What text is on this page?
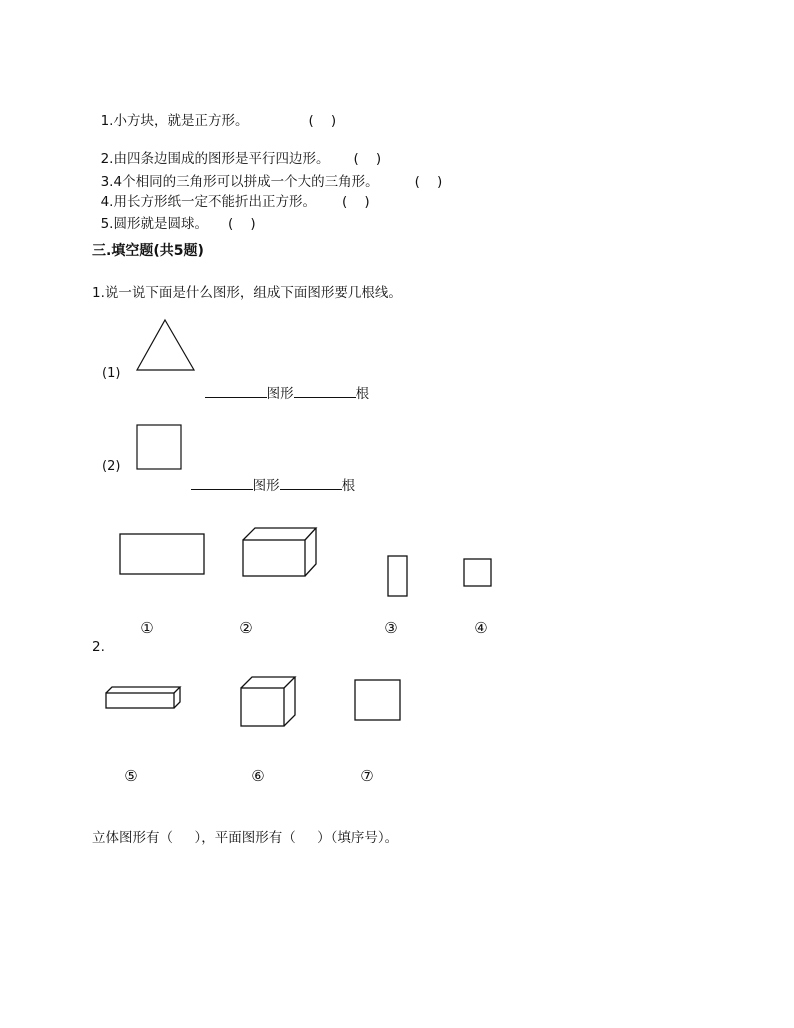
1.小方块，就是正方形。	(    )

2.由四条边围成的图形是平行四边形。 (    )

3.4个相同的三角形可以拼成一个大的三角形。	(    )

4.用长方形纸一定不能折出正方形。 (    )

5.圆形就是圆球。 (    )

三.填空题(共5题)
1.说一说下面是什么图形，组成下面图形要几根线。
(1)

图形	根

(2)

图形	根

①	②	③	④
2.
⑤	⑥	⑦
立体图形有（     ），平面图形有（     ）（填序号）。
